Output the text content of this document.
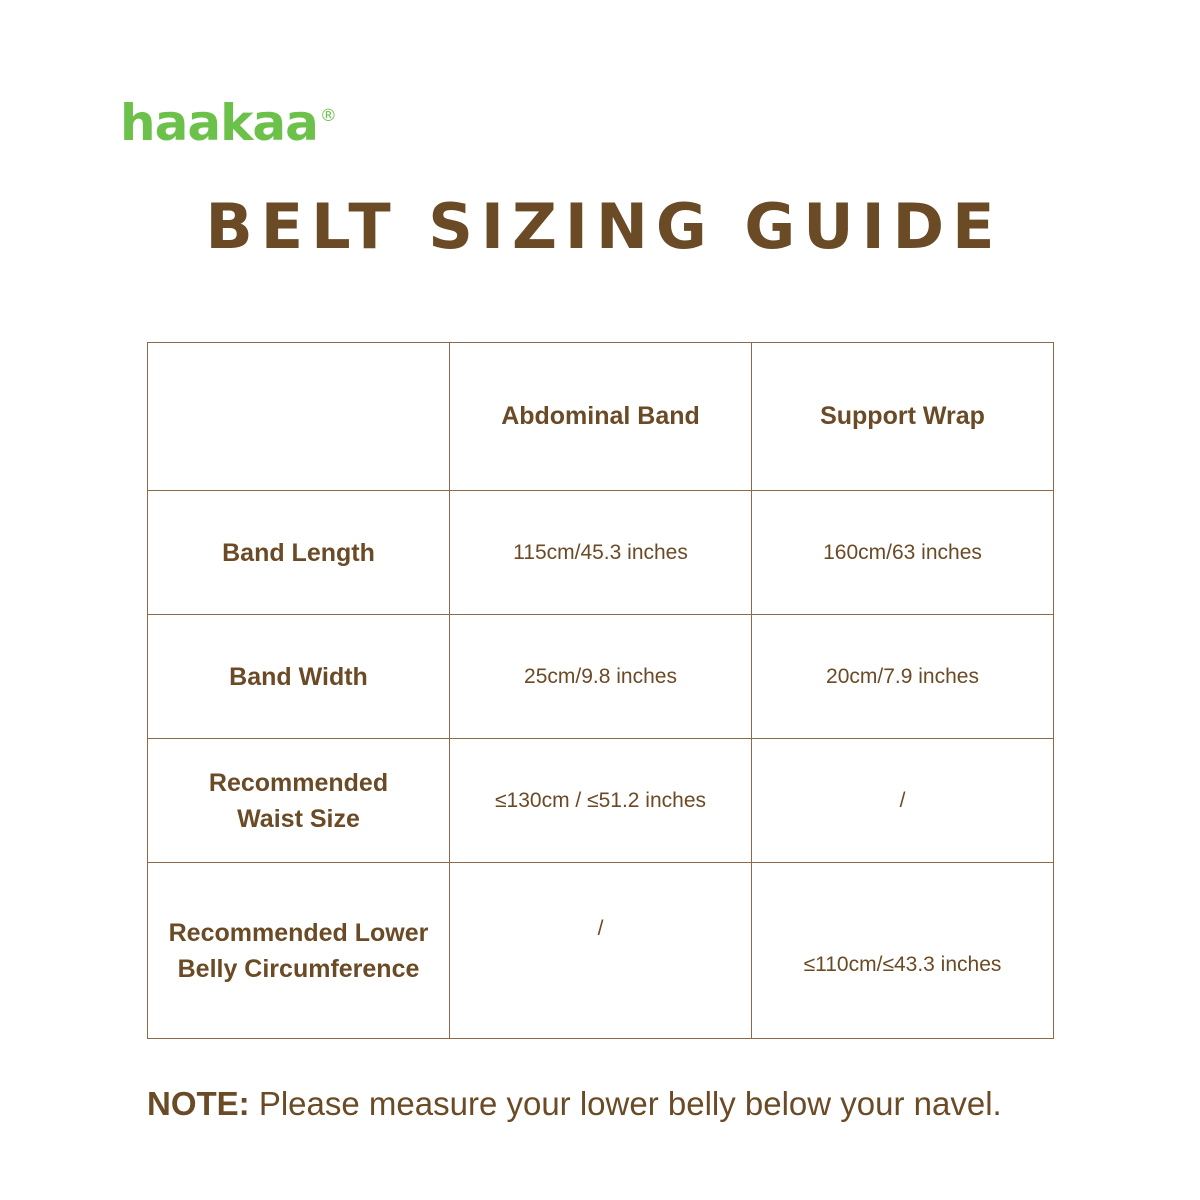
haakaa ®
BELT SIZING GUIDE
	Abdominal Band	Support Wrap
Band Length	115cm/45.3 inches	160cm/63 inches
Band Width	25cm/9.8 inches	20cm/7.9 inches
Recommended
Waist Size	≤130cm / ≤51.2 inches	/
Recommended Lower
Belly Circumference	/	≤110cm/≤43.3 inches
NOTE: Please measure your lower belly below your navel.
